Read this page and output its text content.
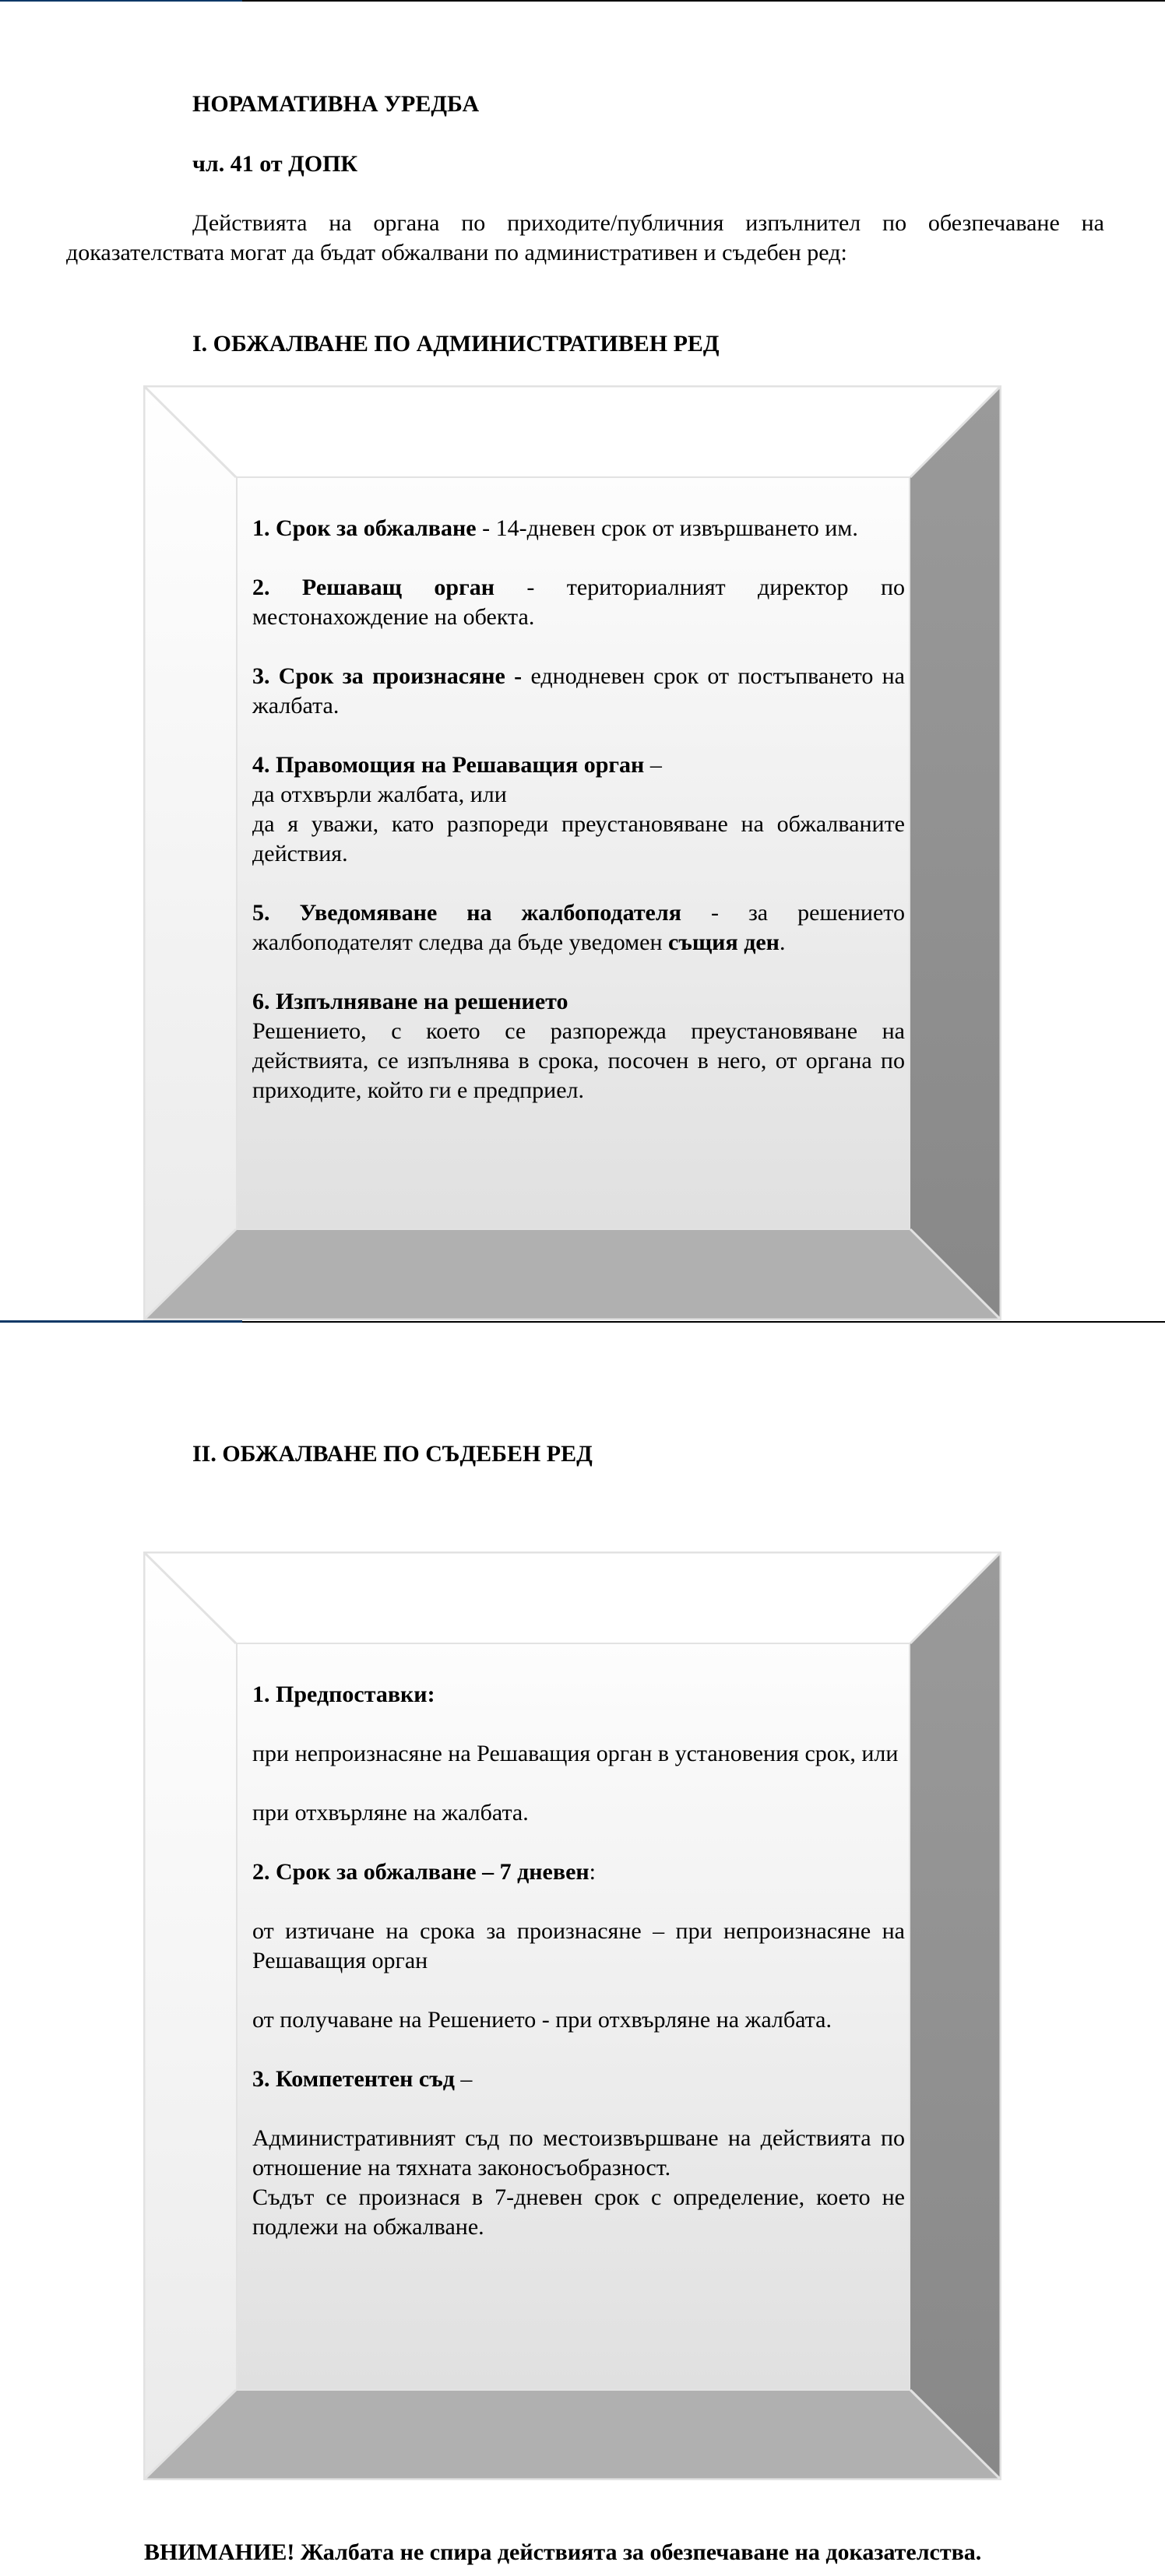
НОРАМАТИВНА УРЕДБА
чл. 41 от ДОПК
Действията на органа по приходите/публичния изпълнител по обезпечаване на доказателствата могат да бъдат обжалвани по административен и съдебен ред:
I. ОБЖАЛВАНЕ ПО АДМИНИСТРАТИВЕН РЕД

1. Срок за обжалване - 14-дневен срок от извършването им.

2. Решаващ орган - териториалният директор по местонахождение на обекта.

3. Срок за произнасяне - еднодневен срок от постъпването на жалбата.

4. Правомощия на Решаващия орган –

да отхвърли жалбата, или

да я уважи, като разпореди преустановяване на обжалваните действия.

5. Уведомяване на жалбоподателя - за решението жалбоподателят следва да бъде уведомен същия ден.

6. Изпълняване на решението

Решението, с което се разпорежда преустановяване на действията, се изпълнява в срока, посочен в него, от органа по приходите, който ги е предприел.

II. ОБЖАЛВАНЕ ПО СЪДЕБЕН РЕД

1. Предпоставки:

при непроизнасяне на Решаващия орган в установения срок, или

при отхвърляне на жалбата.

2. Срок за обжалване – 7 дневен:

от изтичане на срока за произнасяне – при непроизнасяне на Решаващия орган

от получаване на Решението - при отхвърляне на жалбата.

3. Компетентен съд –

Административният съд по местоизвършване на действията по отношение на тяхната законосъобразност.

Съдът се произнася в 7-дневен срок с определение, което не подлежи на обжалване.

ВНИМАНИЕ! Жалбата не спира действията за обезпечаване на доказателства.
